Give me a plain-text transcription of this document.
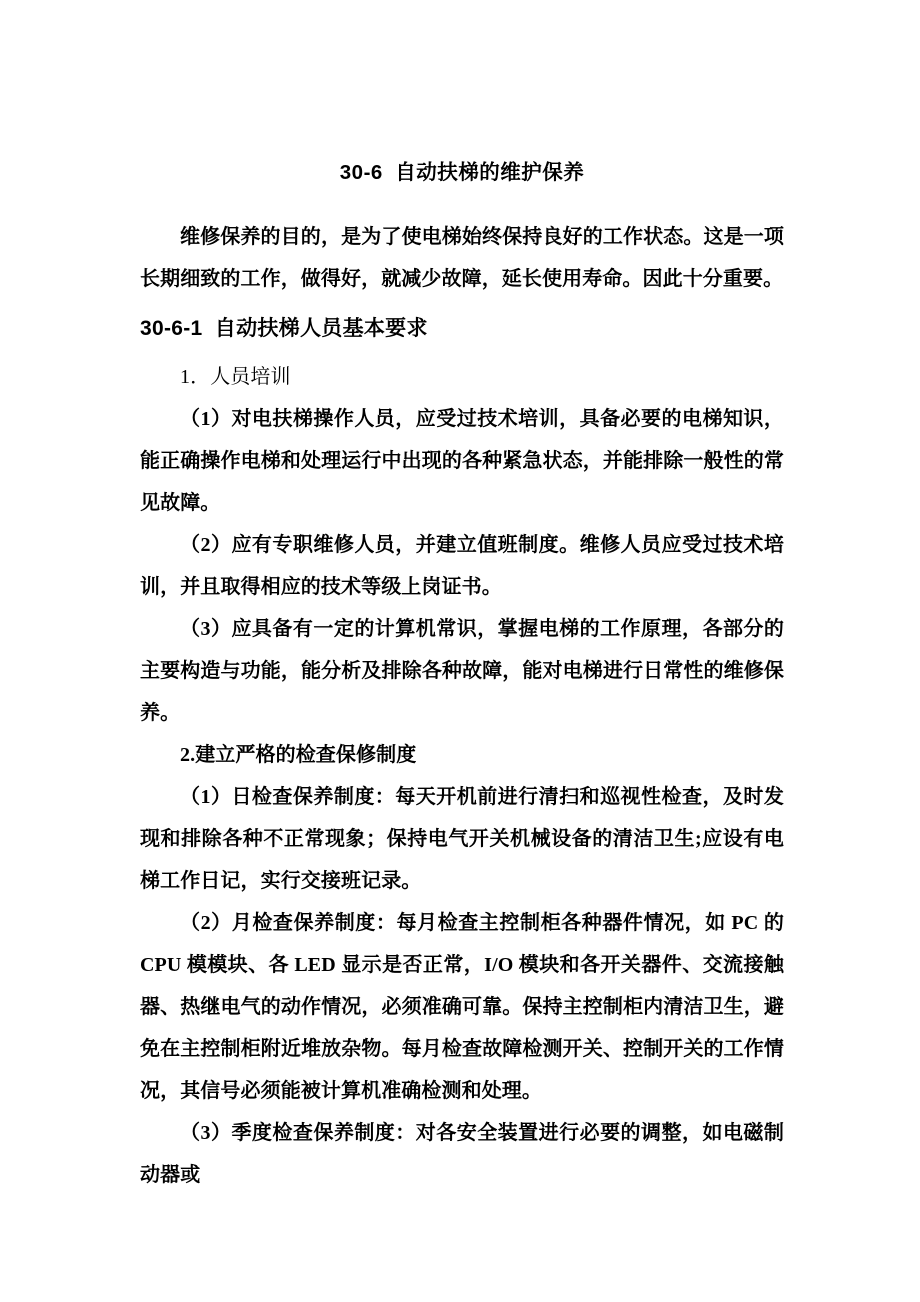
30-6  自动扶梯的维护保养

维修保养的目的，是为了使电梯始终保持良好的工作状态。这是一项长期细致的工作，做得好，就减少故障，延长使用寿命。因此十分重要。

30-6-1  自动扶梯人员基本要求

1．人员培训

（1）对电扶梯操作人员，应受过技术培训，具备必要的电梯知识，能正确操作电梯和处理运行中出现的各种紧急状态，并能排除一般性的常见故障。

（2）应有专职维修人员，并建立值班制度。维修人员应受过技术培训，并且取得相应的技术等级上岗证书。

（3）应具备有一定的计算机常识，掌握电梯的工作原理，各部分的主要构造与功能，能分析及排除各种故障，能对电梯进行日常性的维修保养。

2.建立严格的检查保修制度

（1）日检查保养制度：每天开机前进行清扫和巡视性检查，及时发现和排除各种不正常现象；保持电气开关机械设备的清洁卫生;应设有电梯工作日记，实行交接班记录。

（2）月检查保养制度：每月检查主控制柜各种器件情况，如 PC 的 CPU 模模块、各 LED 显示是否正常，I/O 模块和各开关器件、交流接触器、热继电气的动作情况，必须准确可靠。保持主控制柜内清洁卫生，避免在主控制柜附近堆放杂物。每月检查故障检测开关、控制开关的工作情况，其信号必须能被计算机准确检测和处理。

（3）季度检查保养制度：对各安全装置进行必要的调整，如电磁制动器或
